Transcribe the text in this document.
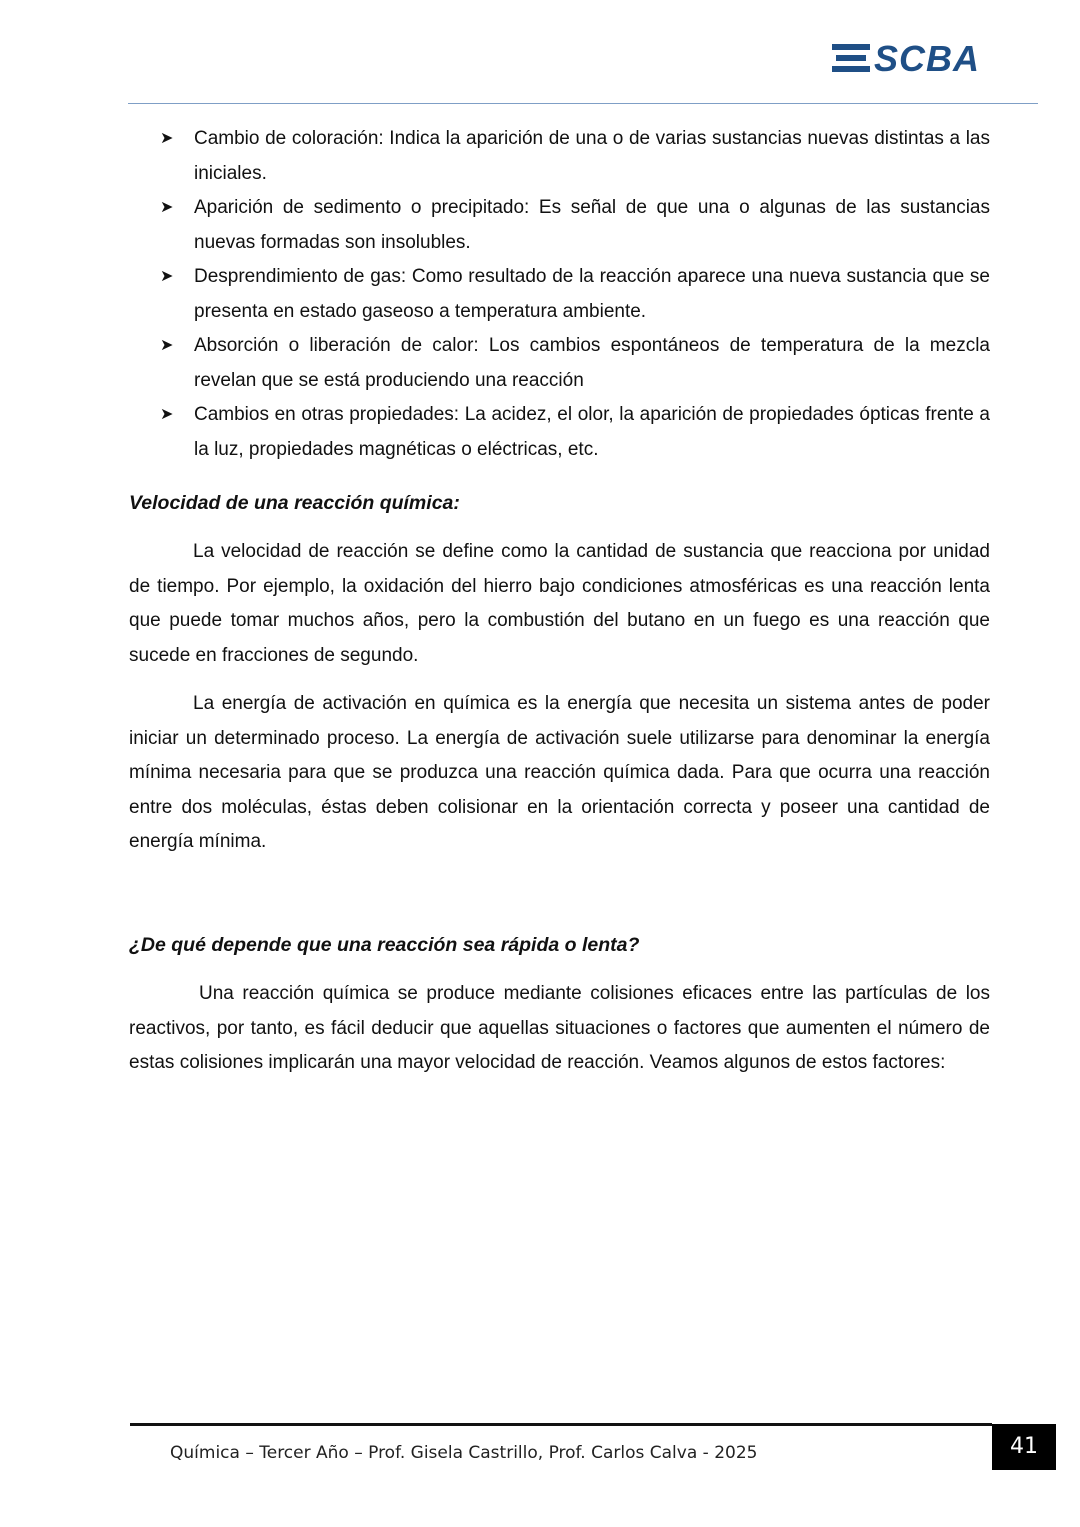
SCBA
➤ Cambio de coloración: Indica la aparición de una o de varias sustancias nuevas distintas a las iniciales.
➤ Aparición de sedimento o precipitado: Es señal de que una o algunas de las sustancias nuevas formadas son insolubles.
➤ Desprendimiento de gas: Como resultado de la reacción aparece una nueva sustancia que se presenta en estado gaseoso a temperatura ambiente.
➤ Absorción o liberación de calor: Los cambios espontáneos de temperatura de la mezcla revelan que se está produciendo una reacción
➤ Cambios en otras propiedades: La acidez, el olor, la aparición de propiedades ópticas frente a la luz, propiedades magnéticas o eléctricas, etc.
Velocidad de una reacción química:

La velocidad de reacción se define como la cantidad de sustancia que reacciona por unidad de tiempo. Por ejemplo, la oxidación del hierro bajo condiciones atmosféricas es una reacción lenta que puede tomar muchos años, pero la combustión del butano en un fuego es una reacción que sucede en fracciones de segundo.

La energía de activación en química es la energía que necesita un sistema antes de poder iniciar un determinado proceso. La energía de activación suele utilizarse para denominar la energía mínima necesaria para que se produzca una reacción química dada. Para que ocurra una reacción entre dos moléculas, éstas deben colisionar en la orientación correcta y poseer una cantidad de energía mínima.

¿De qué depende que una reacción sea rápida o lenta?

Una reacción química se produce mediante colisiones eficaces entre las partículas de los reactivos, por tanto, es fácil deducir que aquellas situaciones o factores que aumenten el número de estas colisiones implicarán una mayor velocidad de reacción. Veamos algunos de estos factores:

Química – Tercer Año – Prof. Gisela Castrillo, Prof. Carlos Calva - 2025	41
